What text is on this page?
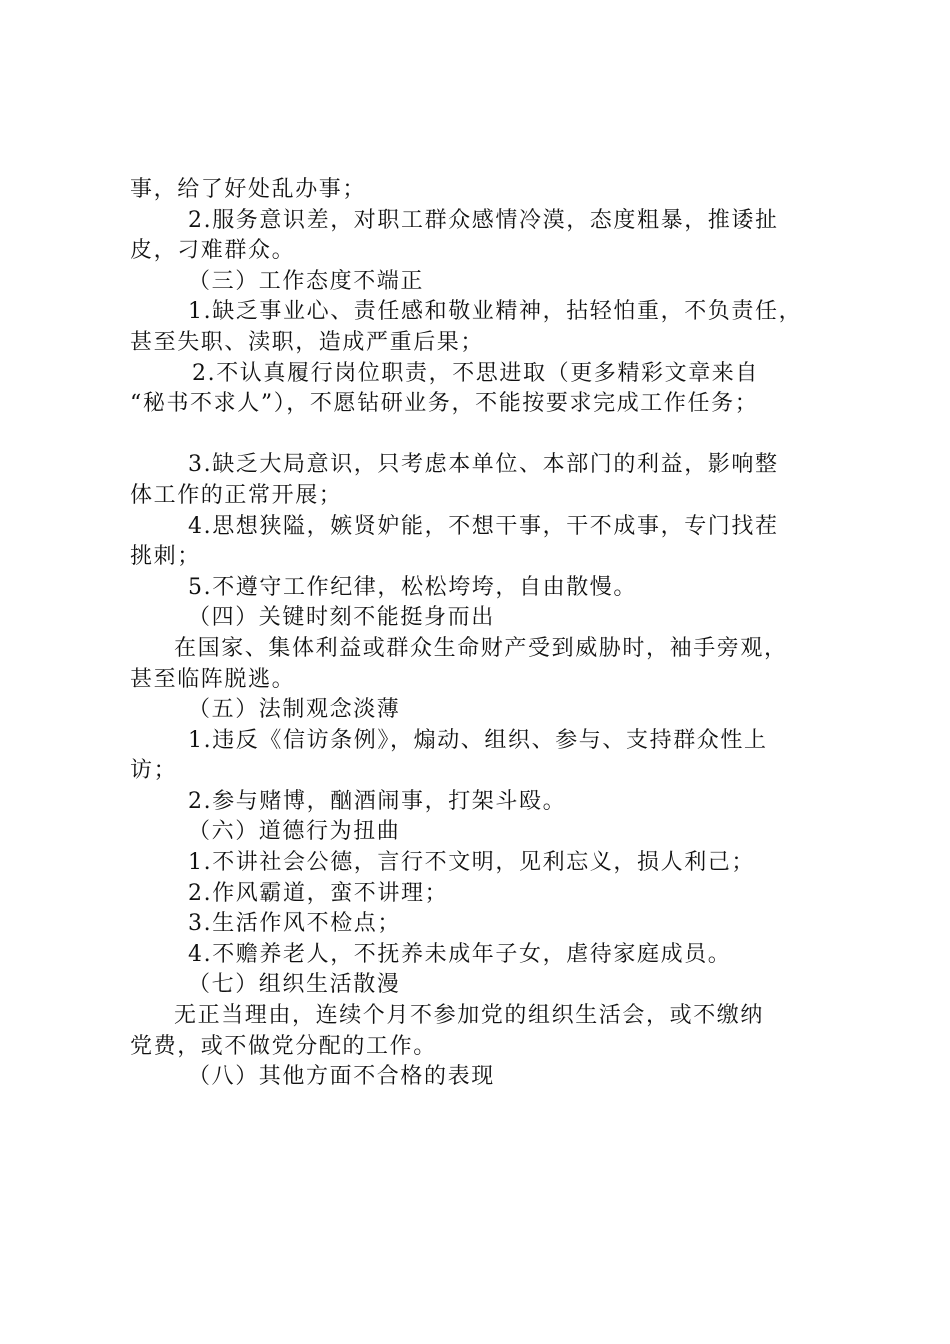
事，给了好处乱办事；
2.服务意识差，对职工群众感情冷漠，态度粗暴，推诿扯
皮，刁难群众。
（三）工作态度不端正
1.缺乏事业心、责任感和敬业精神，拈轻怕重，不负责任，
甚至失职、渎职，造成严重后果；
2.不认真履行岗位职责，不思进取（更多精彩文章来自
“秘书不求人”），不愿钻研业务，不能按要求完成工作任务；
3.缺乏大局意识，只考虑本单位、本部门的利益，影响整
体工作的正常开展；
4.思想狭隘，嫉贤妒能，不想干事，干不成事，专门找茬
挑刺；
5.不遵守工作纪律，松松垮垮，自由散慢。
（四）关键时刻不能挺身而出
在国家、集体利益或群众生命财产受到威胁时，袖手旁观，
甚至临阵脱逃。
（五）法制观念淡薄
1.违反《信访条例》，煽动、组织、参与、支持群众性上
访；
2.参与赌博，酗酒闹事，打架斗殴。
（六）道德行为扭曲
1.不讲社会公德，言行不文明，见利忘义，损人利己；
2.作风霸道，蛮不讲理；
3.生活作风不检点；
4.不赡养老人，不抚养未成年子女，虐待家庭成员。
（七）组织生活散漫
无正当理由，连续个月不参加党的组织生活会，或不缴纳
党费，或不做党分配的工作。
（八）其他方面不合格的表现
